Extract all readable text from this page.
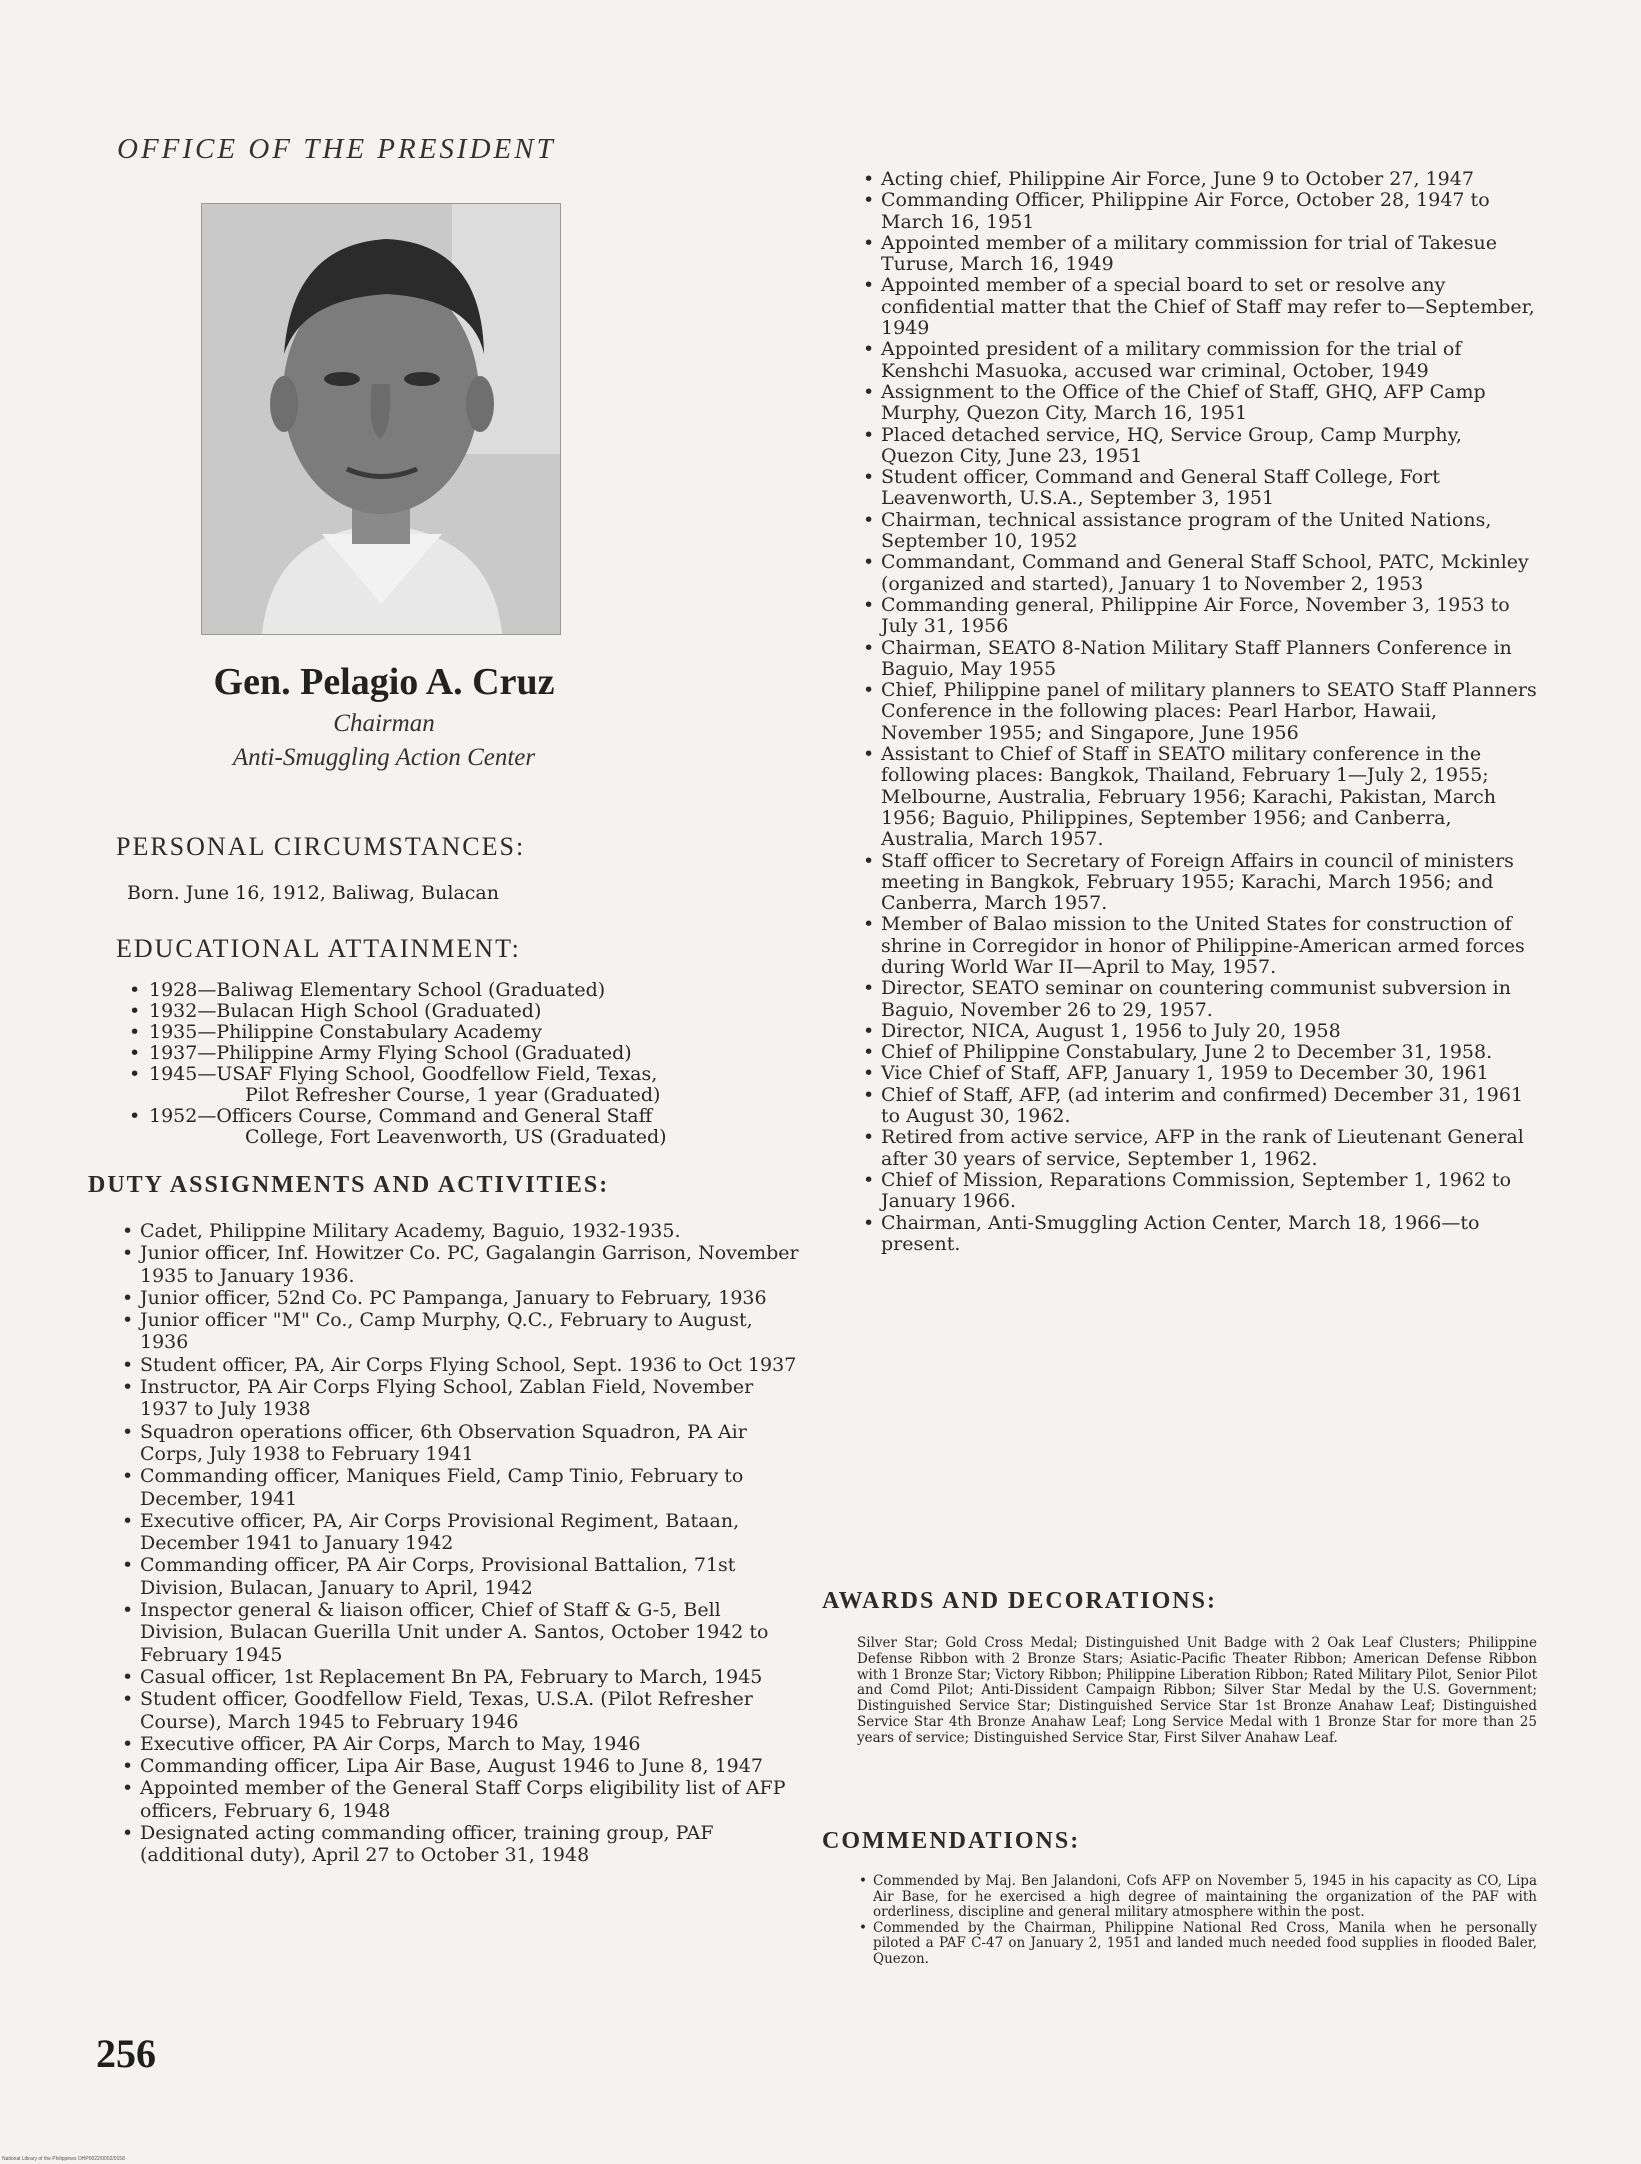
OFFICE OF THE PRESIDENT
Gen. Pelagio A. Cruz
Chairman
Anti-Smuggling Action Center
PERSONAL CIRCUMSTANCES:
Born. June 16, 1912, Baliwag, Bulacan
EDUCATIONAL ATTAINMENT:
• 1928—Baliwag Elementary School (Graduated)
• 1932—Bulacan High School (Graduated)
• 1935—Philippine Constabulary Academy
• 1937—Philippine Army Flying School (Graduated)
• 1945—USAF Flying School, Goodfellow Field, Texas,
Pilot Refresher Course, 1 year (Graduated)
• 1952—Officers Course, Command and General Staff
College, Fort Leavenworth, US (Graduated)
DUTY ASSIGNMENTS AND ACTIVITIES:
• Cadet, Philippine Military Academy, Baguio, 1932-1935.
• Junior officer, Inf. Howitzer Co. PC, Gagalangin Garrison, November 1935 to January 1936.
• Junior officer, 52nd Co. PC Pampanga, January to February, 1936
• Junior officer "M" Co., Camp Murphy, Q.C., February to August, 1936
• Student officer, PA, Air Corps Flying School, Sept. 1936 to Oct 1937
• Instructor, PA Air Corps Flying School, Zablan Field, November 1937 to July 1938
• Squadron operations officer, 6th Observation Squadron, PA Air Corps, July 1938 to February 1941
• Commanding officer, Maniques Field, Camp Tinio, February to December, 1941
• Executive officer, PA, Air Corps Provisional Regiment, Bataan, December 1941 to January 1942
• Commanding officer, PA Air Corps, Provisional Battalion, 71st Division, Bulacan, January to April, 1942
• Inspector general & liaison officer, Chief of Staff & G-5, Bell Division, Bulacan Guerilla Unit under A. Santos, October 1942 to February 1945
• Casual officer, 1st Replacement Bn PA, February to March, 1945
• Student officer, Goodfellow Field, Texas, U.S.A. (Pilot Refresher Course), March 1945 to February 1946
• Executive officer, PA Air Corps, March to May, 1946
• Commanding officer, Lipa Air Base, August 1946 to June 8, 1947
• Appointed member of the General Staff Corps eligibility list of AFP officers, February 6, 1948
• Designated acting commanding officer, training group, PAF (additional duty), April 27 to October 31, 1948
• Acting chief, Philippine Air Force, June 9 to October 27, 1947
• Commanding Officer, Philippine Air Force, October 28, 1947 to March 16, 1951
• Appointed member of a military commission for trial of Takesue Turuse, March 16, 1949
• Appointed member of a special board to set or resolve any confidential matter that the Chief of Staff may refer to—September, 1949
• Appointed president of a military commission for the trial of Kenshchi Masuoka, accused war criminal, October, 1949
• Assignment to the Office of the Chief of Staff, GHQ, AFP Camp Murphy, Quezon City, March 16, 1951
• Placed detached service, HQ, Service Group, Camp Murphy, Quezon City, June 23, 1951
• Student officer, Command and General Staff College, Fort Leavenworth, U.S.A., September 3, 1951
• Chairman, technical assistance program of the United Nations, September 10, 1952
• Commandant, Command and General Staff School, PATC, Mckinley (organized and started), January 1 to November 2, 1953
• Commanding general, Philippine Air Force, November 3, 1953 to July 31, 1956
• Chairman, SEATO 8-Nation Military Staff Planners Conference in Baguio, May 1955
• Chief, Philippine panel of military planners to SEATO Staff Planners Conference in the following places: Pearl Harbor, Hawaii, November 1955; and Singapore, June 1956
• Assistant to Chief of Staff in SEATO military conference in the following places: Bangkok, Thailand, February 1—July 2, 1955; Melbourne, Australia, February 1956; Karachi, Pakistan, March 1956; Baguio, Philippines, September 1956; and Canberra, Australia, March 1957.
• Staff officer to Secretary of Foreign Affairs in council of ministers meeting in Bangkok, February 1955; Karachi, March 1956; and Canberra, March 1957.
• Member of Balao mission to the United States for construction of shrine in Corregidor in honor of Philippine-American armed forces during World War II—April to May, 1957.
• Director, SEATO seminar on countering communist subversion in Baguio, November 26 to 29, 1957.
• Director, NICA, August 1, 1956 to July 20, 1958
• Chief of Philippine Constabulary, June 2 to December 31, 1958.
• Vice Chief of Staff, AFP, January 1, 1959 to December 30, 1961
• Chief of Staff, AFP, (ad interim and confirmed) December 31, 1961 to August 30, 1962.
• Retired from active service, AFP in the rank of Lieutenant General after 30 years of service, September 1, 1962.
• Chief of Mission, Reparations Commission, September 1, 1962 to January 1966.
• Chairman, Anti-Smuggling Action Center, March 18, 1966—to present.
AWARDS AND DECORATIONS:
Silver Star; Gold Cross Medal; Distinguished Unit Badge with 2 Oak Leaf Clusters; Philippine Defense Ribbon with 2 Bronze Stars; Asiatic-Pacific Theater Ribbon; American Defense Ribbon with 1 Bronze Star; Victory Ribbon; Philippine Liberation Ribbon; Rated Military Pilot, Senior Pilot and Comd Pilot; Anti-Dissident Campaign Ribbon; Silver Star Medal by the U.S. Government; Distinguished Service Star; Distinguished Service Star 1st Bronze Anahaw Leaf; Distinguished Service Star 4th Bronze Anahaw Leaf; Long Service Medal with 1 Bronze Star for more than 25 years of service; Distinguished Service Star, First Silver Anahaw Leaf.
COMMENDATIONS:
• Commended by Maj. Ben Jalandoni, Cofs AFP on November 5, 1945 in his capacity as CO, Lipa Air Base, for he exercised a high degree of maintaining the organization of the PAF with orderliness, discipline and general military atmosphere within the post.
• Commended by the Chairman, Philippine National Red Cross, Manila when he personally piloted a PAF C-47 on January 2, 1951 and landed much needed food supplies in flooded Baler, Quezon.
256
National Library of the Philippines OHP0022/0002/0158
